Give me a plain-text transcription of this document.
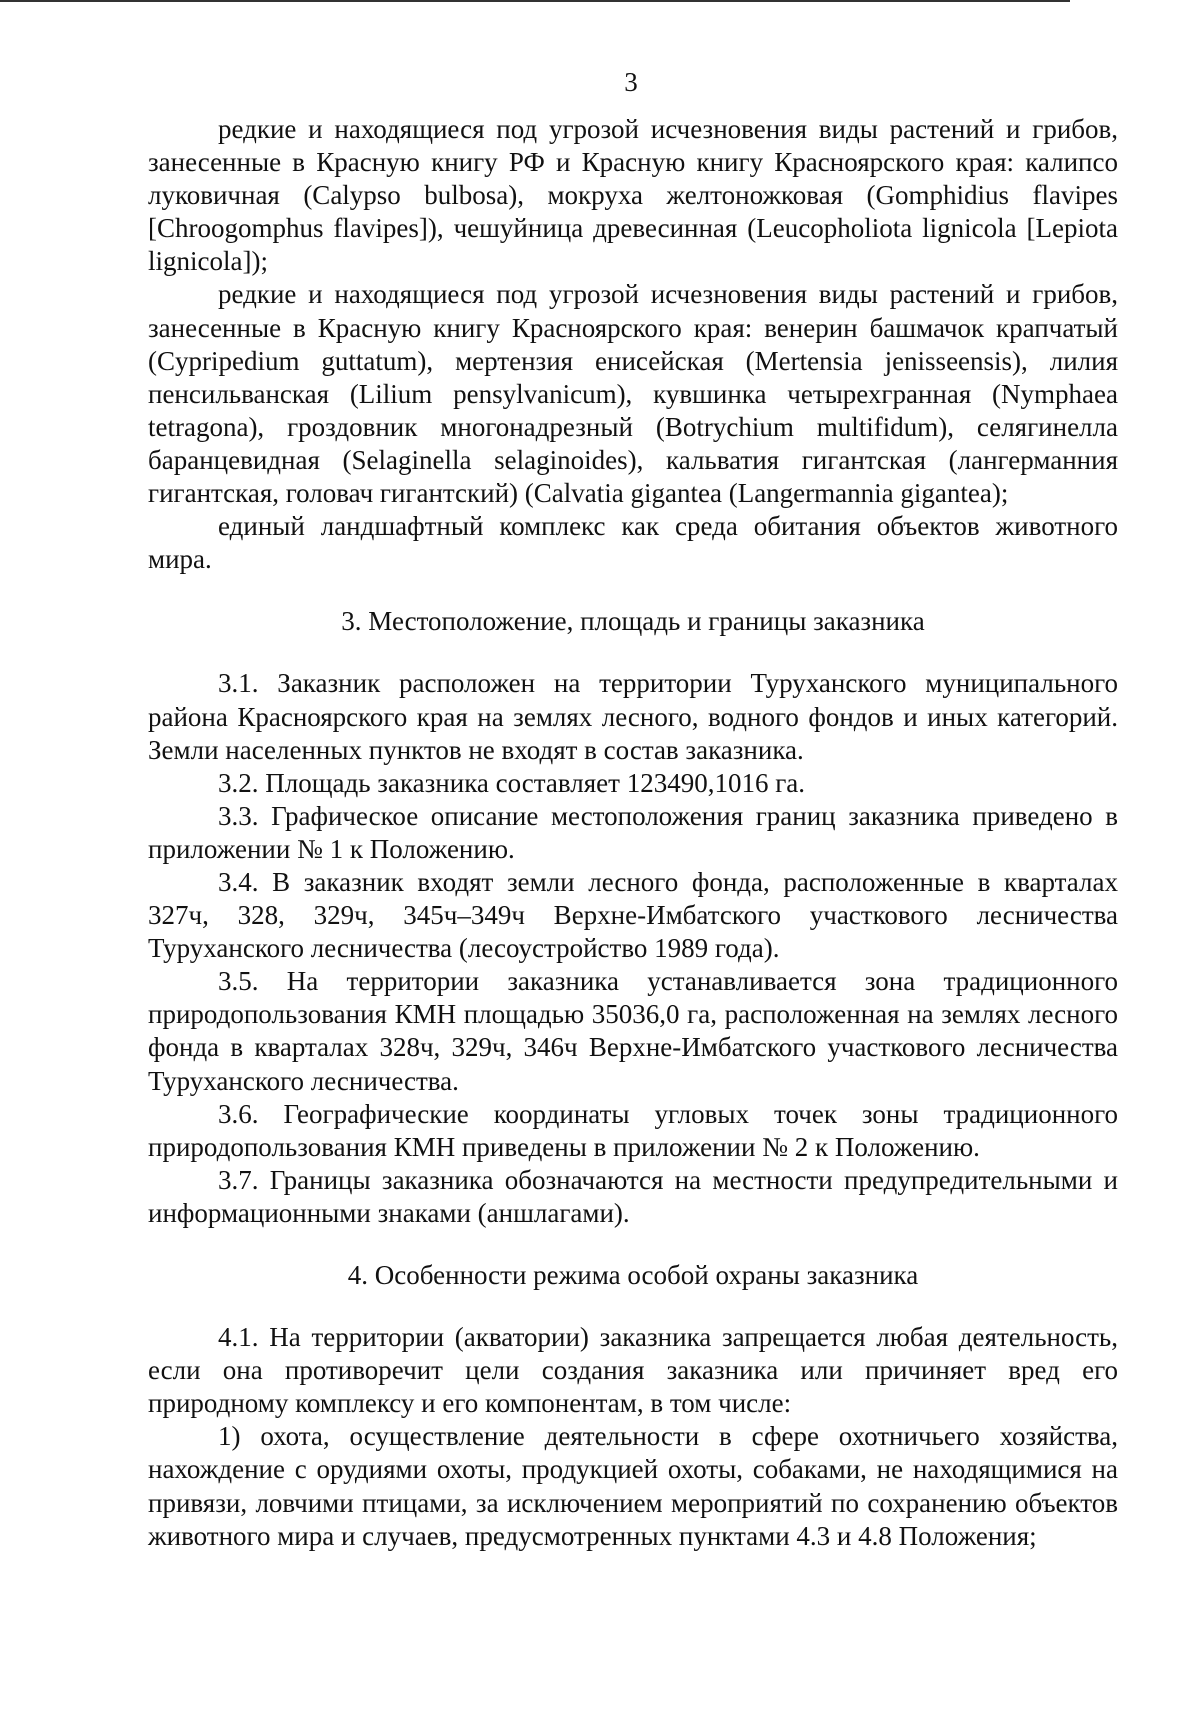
3

редкие и находящиеся под угрозой исчезновения виды растений и грибов, занесенные в Красную книгу РФ и Красную книгу Красноярского края: калипсо луковичная (Calypso bulbosa), мокруха желтоножковая (Gomphidius flavipes [Chroogomphus flavipes]), чешуйница древесинная (Leucopholiota lignicola [Lepiota lignicola]);

редкие и находящиеся под угрозой исчезновения виды растений и грибов, занесенные в Красную книгу Красноярского края: венерин башмачок крапчатый (Cypripedium guttatum), мертензия енисейская (Mertensia jenisseensis), лилия пенсильванская (Lilium pensylvanicum), кувшинка четырехгранная (Nymphaea tetragona), гроздовник многонадрезный (Botrychium multifidum), селягинелла баранцевидная (Selaginella selaginoides), кальватия гигантская (лангерманния гигантская, головач гигантский) (Calvatia gigantea (Langermannia gigantea);

единый ландшафтный комплекс как среда обитания объектов животного мира.

3. Местоположение, площадь и границы заказника

3.1. Заказник расположен на территории Туруханского муниципального района Красноярского края на землях лесного, водного фондов и иных категорий. Земли населенных пунктов не входят в состав заказника.

3.2. Площадь заказника составляет 123490,1016 га.

3.3. Графическое описание местоположения границ заказника приведено в приложении № 1 к Положению.

3.4. В заказник входят земли лесного фонда, расположенные в кварталах 327ч, 328, 329ч, 345ч–349ч Верхне-Имбатского участкового лесничества Туруханского лесничества (лесоустройство 1989 года).

3.5. На территории заказника устанавливается зона традиционного природопользования КМН площадью 35036,0 га, расположенная на землях лесного фонда в кварталах 328ч, 329ч, 346ч Верхне-Имбатского участкового лесничества Туруханского лесничества.

3.6. Географические координаты угловых точек зоны традиционного природопользования КМН приведены в приложении № 2 к Положению.

3.7. Границы заказника обозначаются на местности предупредительными и информационными знаками (аншлагами).

4. Особенности режима особой охраны заказника

4.1. На территории (акватории) заказника запрещается любая деятельность, если она противоречит цели создания заказника или причиняет вред его природному комплексу и его компонентам, в том числе:

1) охота, осуществление деятельности в сфере охотничьего хозяйства, нахождение с орудиями охоты, продукцией охоты, собаками, не находящимися на привязи, ловчими птицами, за исключением мероприятий по сохранению объектов животного мира и случаев, предусмотренных пунктами 4.3 и 4.8 Положения;
